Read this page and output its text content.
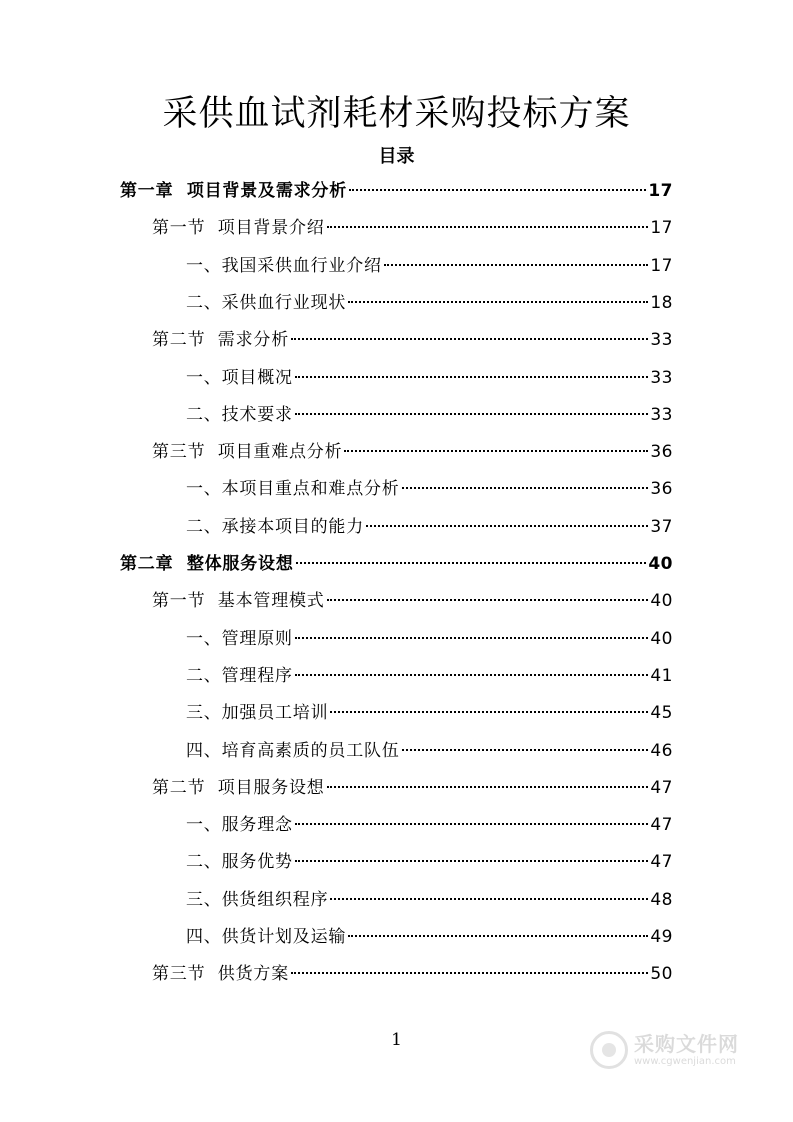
采供血试剂耗材采购投标方案
目录
第一章  项目背景及需求分析	17
第一节  项目背景介绍	17
一、我国采供血行业介绍	17
二、采供血行业现状	18
第二节  需求分析	33
一、项目概况	33
二、技术要求	33
第三节  项目重难点分析	36
一、本项目重点和难点分析	36
二、承接本项目的能力	37
第二章  整体服务设想	40
第一节  基本管理模式	40
一、管理原则	40
二、管理程序	41
三、加强员工培训	45
四、培育高素质的员工队伍	46
第二节  项目服务设想	47
一、服务理念	47
二、服务优势	47
三、供货组织程序	48
四、供货计划及运输	49
第三节  供货方案	50
1	采购文件网
www.cgwenjian.com
